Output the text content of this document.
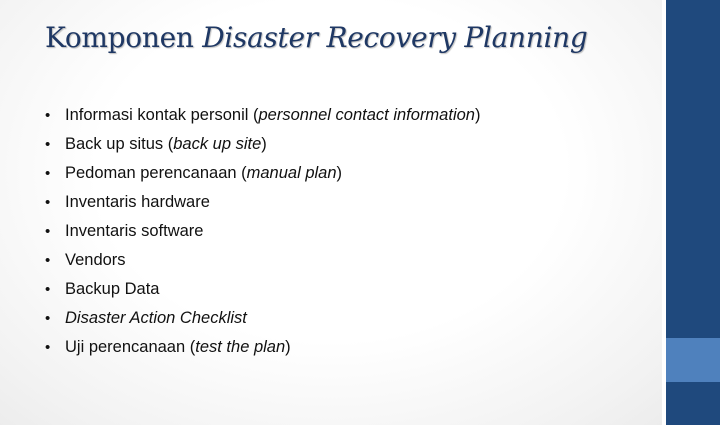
Komponen Disaster Recovery Planning
• Informasi kontak personil (personnel contact information)
• Back up situs (back up site)
• Pedoman perencanaan (manual plan)
• Inventaris hardware
• Inventaris software
• Vendors
• Backup Data
• Disaster Action Checklist
• Uji perencanaan (test the plan)
